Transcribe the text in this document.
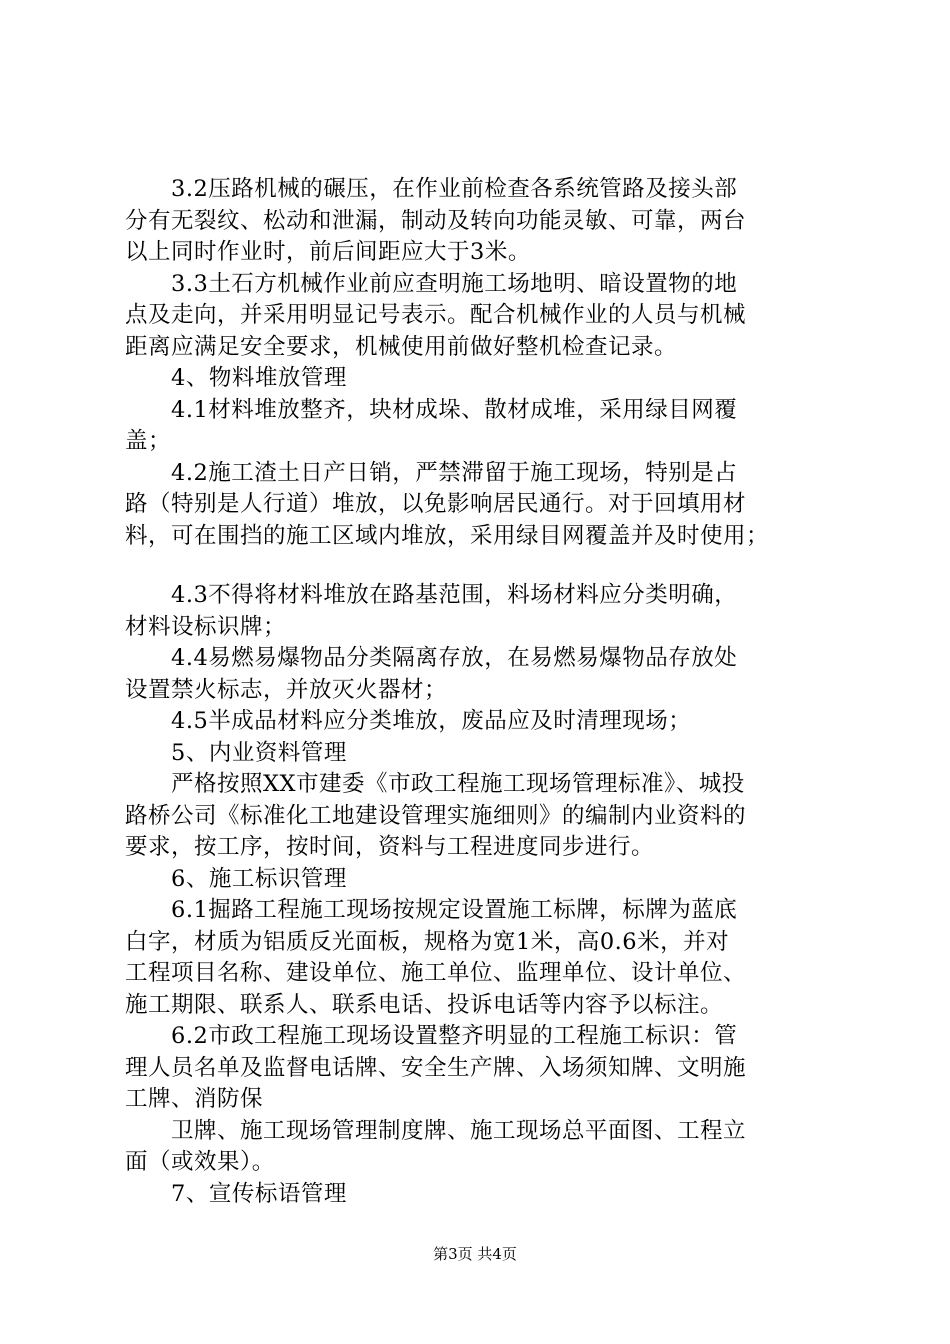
　　3.2压路机械的碾压，在作业前检查各系统管路及接头部
分有无裂纹、松动和泄漏，制动及转向功能灵敏、可靠，两台
以上同时作业时，前后间距应大于3米。
　　3.3土石方机械作业前应查明施工场地明、暗设置物的地
点及走向，并采用明显记号表示。配合机械作业的人员与机械
距离应满足安全要求，机械使用前做好整机检查记录。
　　4、物料堆放管理
　　4.1材料堆放整齐，块材成垛、散材成堆，采用绿目网覆
盖；
　　4.2施工渣土日产日销，严禁滞留于施工现场，特别是占
路（特别是人行道）堆放，以免影响居民通行。对于回填用材
料，可在围挡的施工区域内堆放，采用绿目网覆盖并及时使用；
　　4.3不得将材料堆放在路基范围，料场材料应分类明确，
材料设标识牌；
　　4.4易燃易爆物品分类隔离存放，在易燃易爆物品存放处
设置禁火标志，并放灭火器材；
　　4.5半成品材料应分类堆放，废品应及时清理现场；
　　5、内业资料管理
　　严格按照XX市建委《市政工程施工现场管理标准》、城投
路桥公司《标准化工地建设管理实施细则》的编制内业资料的
要求，按工序，按时间，资料与工程进度同步进行。
　　6、施工标识管理
　　6.1掘路工程施工现场按规定设置施工标牌，标牌为蓝底
白字，材质为铝质反光面板，规格为宽1米，高0.6米，并对
工程项目名称、建设单位、施工单位、监理单位、设计单位、
施工期限、联系人、联系电话、投诉电话等内容予以标注。
　　6.2市政工程施工现场设置整齐明显的工程施工标识：管
理人员名单及监督电话牌、安全生产牌、入场须知牌、文明施
工牌、消防保
　　卫牌、施工现场管理制度牌、施工现场总平面图、工程立
面（或效果）。
　　7、宣传标语管理
第3页 共4页
